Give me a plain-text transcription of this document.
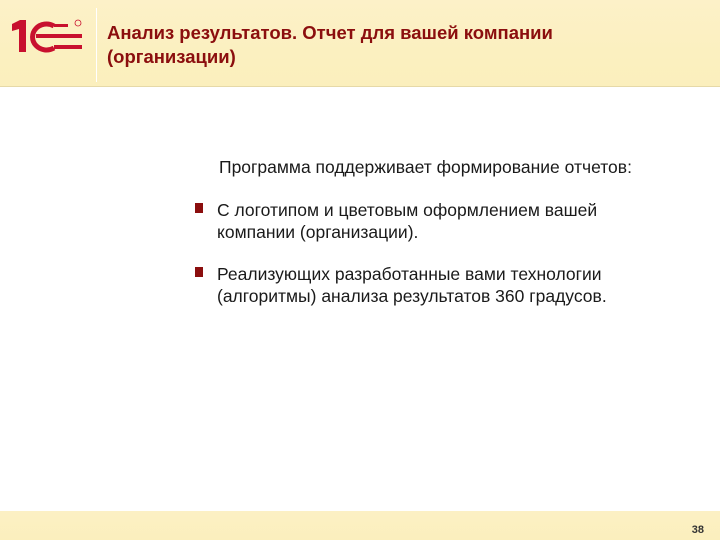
Анализ результатов. Отчет для вашей компании
(организации)

Программа поддерживает формирование отчетов:

С логотипом и цветовым оформлением вашей
компании (организации).
Реализующих разработанные вами технологии
(алгоритмы) анализа результатов 360 градусов.
38
